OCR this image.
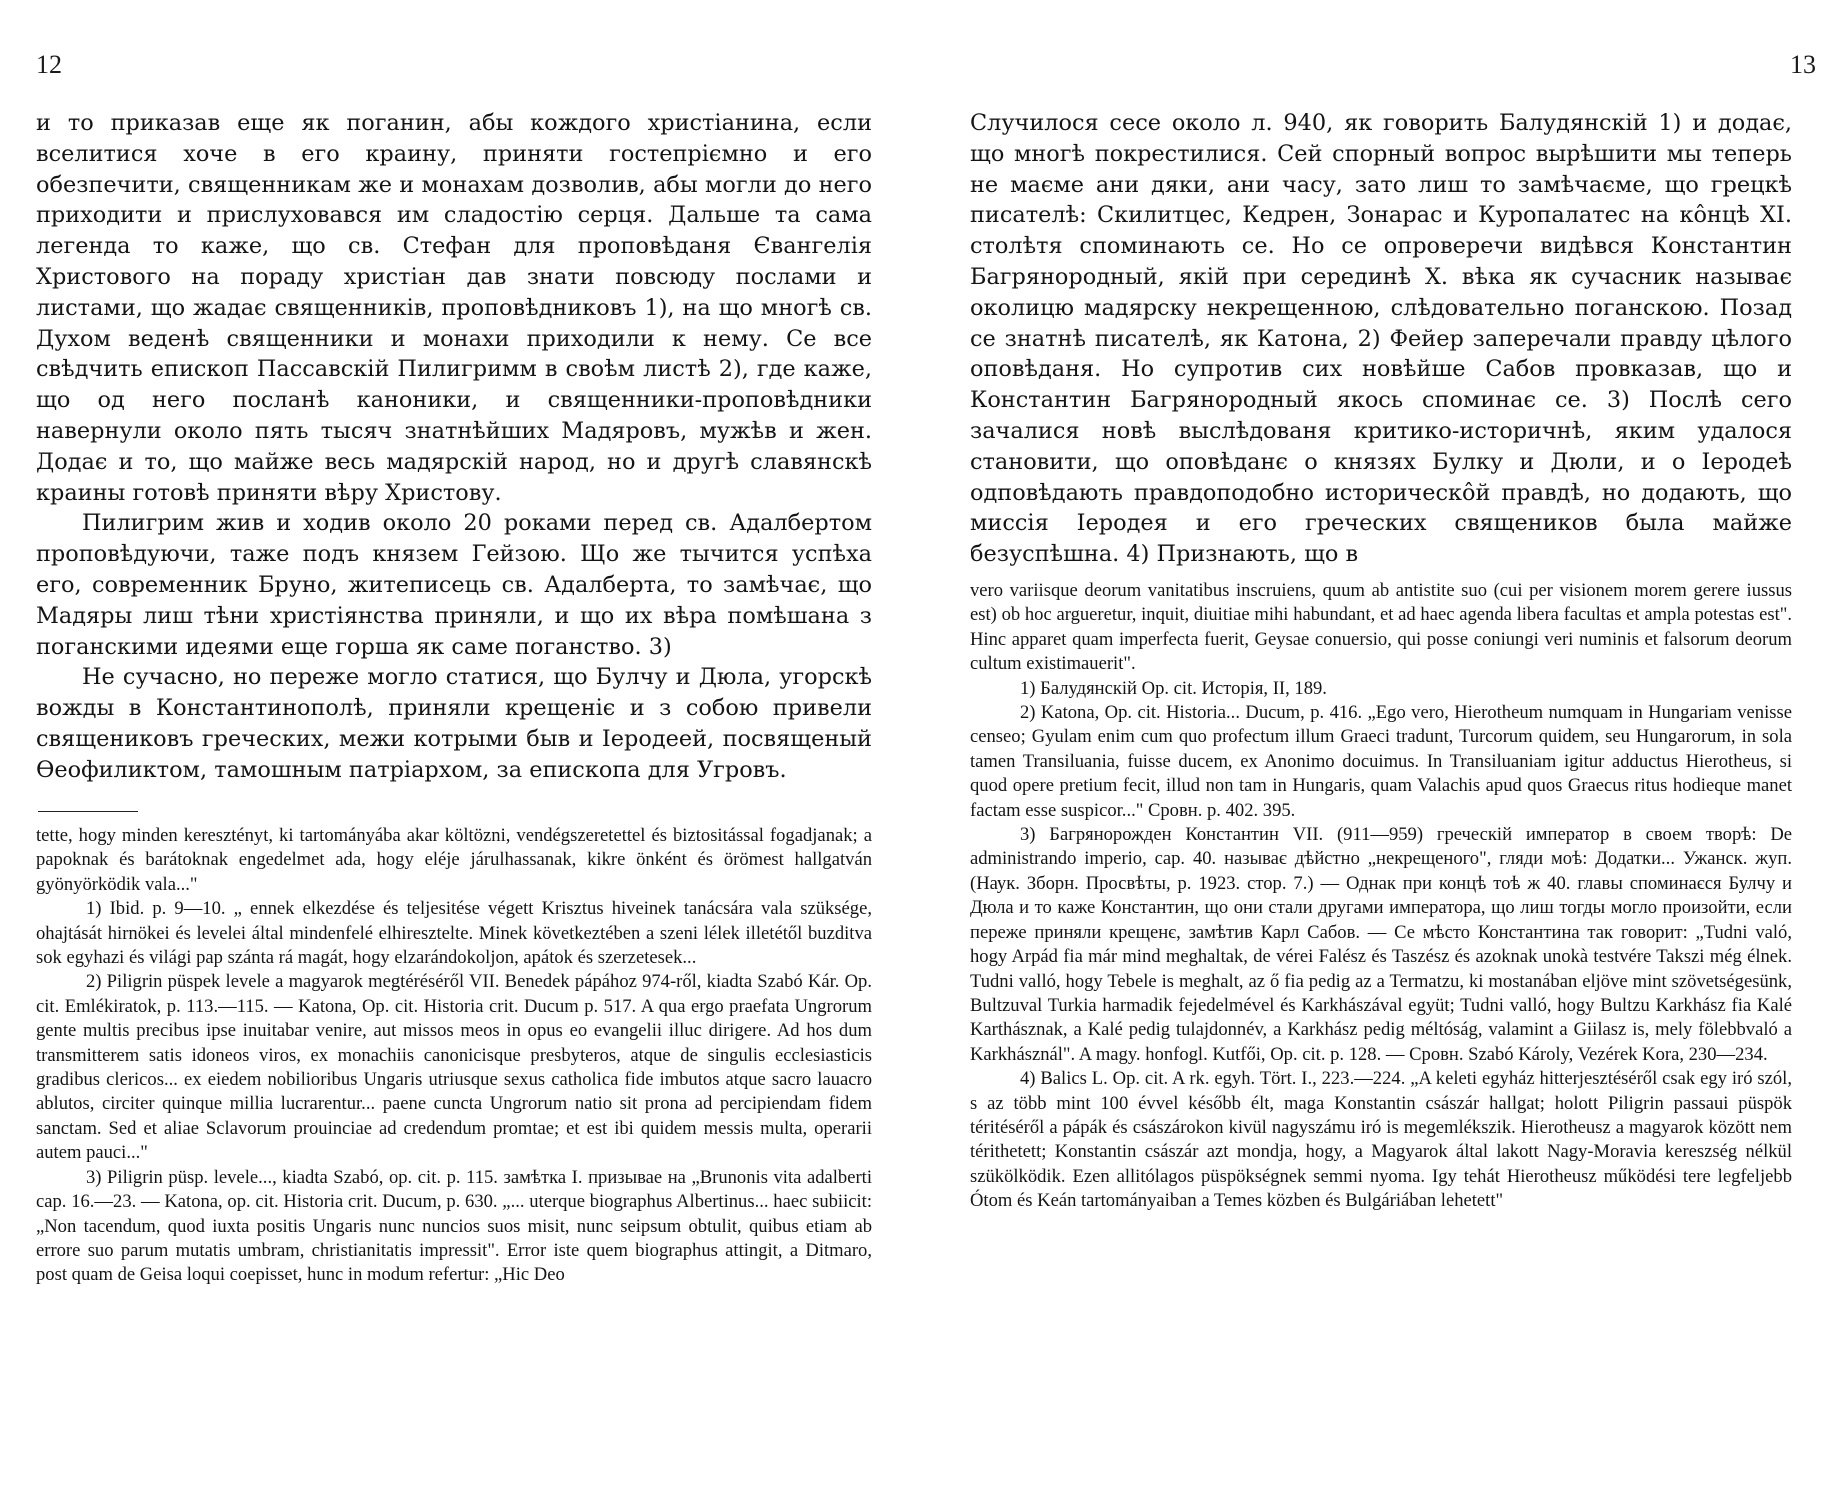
12

и то приказав еще як поганин, абы кождого христіанина, если вселитися хоче в его краину, приняти гостепріємно и его обезпечити, священникам же и монахам дозволив, абы могли до него приходити и прислуховався им сладостію серця. Дальше та сама легенда то каже, що св. Стефан для проповѣданя Євангелія Христового на пораду христіан дав знати повсюду послами и листами, що жадає священників, проповѣдниковъ 1), на що многѣ св. Духом веденѣ священники и монахи приходили к нему. Се все свѣдчить епископ Пассавскій Пилигримм в своѣм листѣ 2), где каже, що од него посланѣ каноники, и священники-проповѣдники навернули около пять тысяч знатнѣйших Мадяровъ, мужѣв и жен. Додає и то, що майже весь мадярскій народ, но и другѣ славянскѣ краины готовѣ приняти вѣру Христову.

Пилигрим жив и ходив около 20 роками перед св. Адалбертом проповѣдуючи, таже подъ князем Гейзою. Що же тычится успѣха его, современник Бруно, житеписець св. Адалберта, то замѣчає, що Мадяры лиш тѣни христіянства приняли, и що их вѣра помѣшана з поганскими идеями еще горша як саме поганство. 3)

Не сучасно, но переже могло статися, що Булчу и Дюла, угорскѣ вожды в Константинополѣ, приняли крещеніє и з собою привели священиковъ греческих, межи котрыми быв и Іеродеей, посвященый Ѳеофиликтом, тамошным патріархом, за епископа для Угровъ.

tette, hogy minden keresztényt, ki tartományába akar költözni, vendégszeretettel és biztositással fogadjanak; a papoknak és barátoknak engedelmet ada, hogy eléje járulhassanak, kikre önként és örömest hallgatván gyönyörködik vala..."

1) Ibid. p. 9—10. „ ennek elkezdése és teljesitése végett Krisztus hiveinek tanácsára vala szüksége, ohajtását hirnökei és levelei által mindenfelé elhiresztelte. Minek következtében a szeni lélek illetétől buzditva sok egyhazi és világi pap szánta rá magát, hogy elzarándokoljon, apátok és szerzetesek...

2) Piligrin püspek levele a magyarok megtéréséről VII. Benedek pápához 974-ről, kiadta Szabó Kár. Op. cit. Emlékiratok, p. 113.—115. — Katona, Op. cit. Historia crit. Ducum p. 517. A qua ergo praefata Ungrorum gente multis precibus ipse inuitabar venire, aut missos meos in opus eo evangelii illuc dirigere. Ad hos dum transmitterem satis idoneos viros, ex monachiis canonicisque presbyteros, atque de singulis ecclesiasticis gradibus clericos... ex eiedem nobilioribus Ungaris utriusque sexus catholica fide imbutos atque sacro lauacro ablutos, circiter quinque millia lucrarentur... paene cuncta Ungrorum natio sit prona ad percipiendam fidem sanctam. Sed et aliae Sclavorum prouinciae ad credendum promtae; et est ibi quidem messis multa, operarii autem pauci..."

3) Piligrin püsp. levele..., kiadta Szabó, op. cit. p. 115. замѣтка I. призывае на „Brunonis vita adalberti cap. 16.—23. — Katona, op. cit. Historia crit. Ducum, p. 630. „... uterque biographus Albertinus... haec subiicit: „Non tacendum, quod iuxta positis Ungaris nunc nuncios suos misit, nunc seipsum obtulit, quibus etiam ab errore suo parum mutatis umbram, christianitatis impressit". Error iste quem biographus attingit, a Ditmaro, post quam de Geisa loqui coepisset, hunc in modum refertur: „Hic Deo

13

Случилося сесе около л. 940, як говорить Балудянскій 1) и додає, що многѣ покрестилися. Сей спорный вопрос вырѣшити мы теперь не маєме ани дяки, ани часу, зато лиш то замѣчаєме, що грецкѣ писателѣ: Скилитцес, Кедрен, Зонарас и Куропалатес на кôнцѣ XI. столѣтя споминають се. Но се опроверечи видѣвся Константин Багрянородный, якій при серединѣ X. вѣка як сучасник называє околицю мадярску некрещенною, слѣдовательно поганскою. Позад се знатнѣ писателѣ, як Катона, 2) Фейер заперечали правду цѣлого оповѣданя. Но супротив сих новѣйше Сабов провказав, що и Константин Багрянородный якось споминає се. 3) Послѣ сего зачалися новѣ выслѣдованя критико-историчнѣ, яким удалося становити, що оповѣданє о князях Булку и Дюли, и о Іеродеѣ одповѣдають правдоподобно историческôй правдѣ, но додають, що миссія Іеродея и его греческих священиков была майже безуспѣшна. 4) Признають, що в

vero variisque deorum vanitatibus inscruiens, quum ab antistite suo (cui per visionem morem gerere iussus est) ob hoc argueretur, inquit, diuitiae mihi habundant, et ad haec agenda libera facultas et ampla potestas est". Hinc apparet quam imperfecta fuerit, Geysae conuersio, qui posse coniungi veri numinis et falsorum deorum cultum existimauerit".

1) Балудянскій Op. cit. Исторія, II, 189.

2) Katona, Op. cit. Historia... Ducum, p. 416. „Ego vero, Hierotheum numquam in Hungariam venisse censeo; Gyulam enim cum quo profectum illum Graeci tradunt, Turcorum quidem, seu Hungarorum, in sola tamen Transiluania, fuisse ducem, ex Anonimo docuimus. In Transiluaniam igitur adductus Hierotheus, si quod opere pretium fecit, illud non tam in Hungaris, quam Valachis apud quos Graecus ritus hodieque manet factam esse suspicor..." Сровн. p. 402. 395.

3) Багрянорожден Константин VII. (911—959) греческій император в своем творѣ: De administrando imperio, cap. 40. называє дѣйстно „некрещеного", гляди моѣ: Додатки... Ужанск. жуп. (Наук. Збoрн. Просвѣты, p. 1923. стор. 7.) — Однак при концѣ тоѣ ж 40. главы споминаєся Булчу и Дюла и то каже Константин, що они стали другами императора, що лиш тогды могло произойти, если переже приняли крещенє, замѣтив Карл Сабов. — Се мѣсто Константина так говорит: „Tudni való, hogy Arpád fia már mind meghaltak, de vérei Falész és Taszész és azoknak unokà testvére Takszi még élnek. Tudni valló, hogy Tebele is meghalt, az ő fia pedig az a Termatzu, ki mostanában eljöve mint szövetségesünk, Bultzuval Turkia harmadik fejedelmével és Karkhászával együt; Tudni valló, hogy Bultzu Karkhász fia Kalé Karthásznak, a Kalé pedig tulajdonnév, a Karkhász pedig méltóság, valamint a Giilasz is, mely fölebbvaló a Karkhásznál". A magy. honfogl. Kutfői, Op. cit. p. 128. — Сровн. Szabó Károly, Vezérek Kora, 230—234.

4) Balics L. Op. cit. A rk. egyh. Tört. I., 223.—224. „A keleti egyház hitterjesztéséről csak egy iró szól, s az több mint 100 évvel később élt, maga Konstantin császár hallgat; holott Piligrin passaui püspök téritéséről a pápák és császárokon kivül nagyszámu iró is megemlékszik. Hierotheusz a magyarok között nem térithetett; Konstantin császár azt mondja, hogy, a Magyarok által lakott Nagy-Moravia kereszség nélkül szükölködik. Ezen allitólagos püspökségnek semmi nyoma. Igy tehát Hierotheusz működési tere legfeljebb Ótom és Keán tartományaiban a Temes közben és Bulgáriában lehetett"
